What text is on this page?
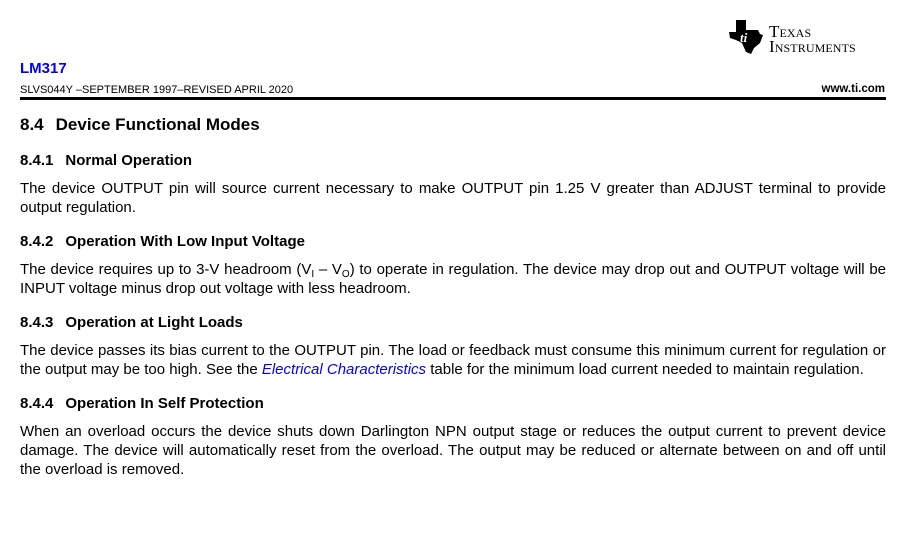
ti Texas
Instruments
LM317
SLVS044Y –SEPTEMBER 1997–REVISED APRIL 2020	www.ti.com
8.4 Device Functional Modes
8.4.1 Normal Operation

The device OUTPUT pin will source current necessary to make OUTPUT pin 1.25 V greater than ADJUST terminal to provide output regulation.

8.4.2 Operation With Low Input Voltage

The device requires up to 3-V headroom $(V_I - V_O)$ to operate in regulation. The device may drop out and OUTPUT voltage will be INPUT voltage minus drop out voltage with less headroom.

8.4.3 Operation at Light Loads

The device passes its bias current to the OUTPUT pin. The load or feedback must consume this minimum current for regulation or the output may be too high. See the Electrical Characteristics table for the minimum load current needed to maintain regulation.

8.4.4 Operation In Self Protection

When an overload occurs the device shuts down Darlington NPN output stage or reduces the output current to prevent device damage. The device will automatically reset from the overload. The output may be reduced or alternate between on and off until the overload is removed.
